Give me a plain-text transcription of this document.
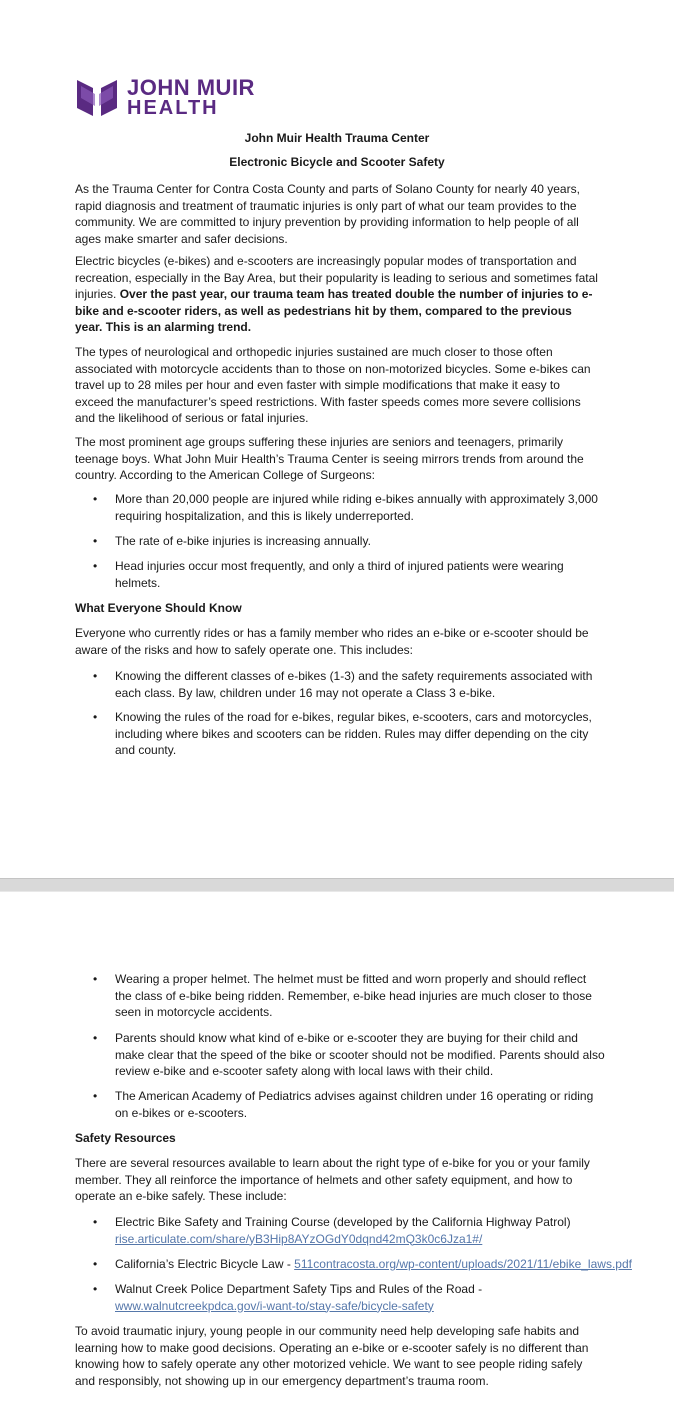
JOHN MUIR
HEALTH
John Muir Health Trauma Center
Electronic Bicycle and Scooter Safety

As the Trauma Center for Contra Costa County and parts of Solano County for nearly 40 years, rapid diagnosis and treatment of traumatic injuries is only part of what our team provides to the community. We are committed to injury prevention by providing information to help people of all ages make smarter and safer decisions.

Electric bicycles (e-bikes) and e-scooters are increasingly popular modes of transportation and recreation, especially in the Bay Area, but their popularity is leading to serious and sometimes fatal injuries. Over the past year, our trauma team has treated double the number of injuries to e-bike and e-scooter riders, as well as pedestrians hit by them, compared to the previous year. This is an alarming trend.

The types of neurological and orthopedic injuries sustained are much closer to those often associated with motorcycle accidents than to those on non-motorized bicycles. Some e-bikes can travel up to 28 miles per hour and even faster with simple modifications that make it easy to exceed the manufacturer’s speed restrictions. With faster speeds comes more severe collisions and the likelihood of serious or fatal injuries.

The most prominent age groups suffering these injuries are seniors and teenagers, primarily teenage boys. What John Muir Health’s Trauma Center is seeing mirrors trends from around the country. According to the American College of Surgeons:

•	More than 20,000 people are injured while riding e-bikes annually with approximately 3,000 requiring hospitalization, and this is likely underreported.
•	The rate of e-bike injuries is increasing annually.
•	Head injuries occur most frequently, and only a third of injured patients were wearing helmets.
What Everyone Should Know

Everyone who currently rides or has a family member who rides an e-bike or e-scooter should be aware of the risks and how to safely operate one. This includes:

•	Knowing the different classes of e-bikes (1-3) and the safety requirements associated with each class. By law, children under 16 may not operate a Class 3 e-bike.
•	Knowing the rules of the road for e-bikes, regular bikes, e-scooters, cars and motorcycles, including where bikes and scooters can be ridden. Rules may differ depending on the city and county.
•	Wearing a proper helmet. The helmet must be fitted and worn properly and should reflect the class of e-bike being ridden. Remember, e-bike head injuries are much closer to those seen in motorcycle accidents.
•	Parents should know what kind of e-bike or e-scooter they are buying for their child and make clear that the speed of the bike or scooter should not be modified. Parents should also review e-bike and e-scooter safety along with local laws with their child.
•	The American Academy of Pediatrics advises against children under 16 operating or riding on e-bikes or e-scooters.
Safety Resources

There are several resources available to learn about the right type of e-bike for you or your family member. They all reinforce the importance of helmets and other safety equipment, and how to operate an e-bike safely. These include:

•	Electric Bike Safety and Training Course (developed by the California Highway Patrol)
rise.articulate.com/share/yB3Hip8AYzOGdY0dqnd42mQ3k0c6Jza1#/
•	California’s Electric Bicycle Law - 511contracosta.org/wp-content/uploads/2021/11/ebike_laws.pdf
•	Walnut Creek Police Department Safety Tips and Rules of the Road -
www.walnutcreekpdca.gov/i-want-to/stay-safe/bicycle-safety

To avoid traumatic injury, young people in our community need help developing safe habits and learning how to make good decisions. Operating an e-bike or e-scooter safely is no different than knowing how to safely operate any other motorized vehicle. We want to see people riding safely and responsibly, not showing up in our emergency department’s trauma room.
